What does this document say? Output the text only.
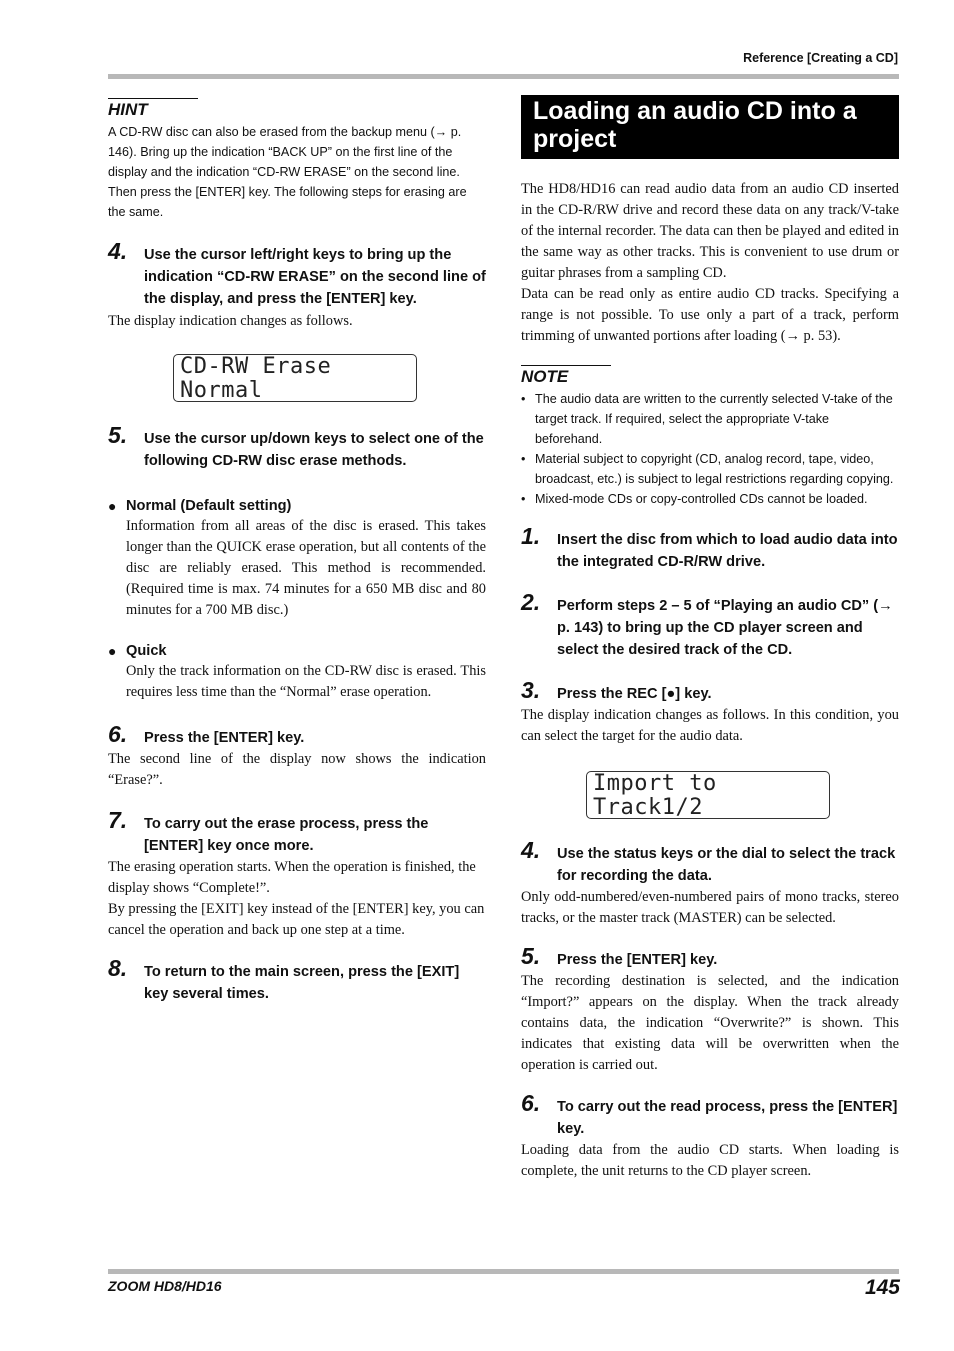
Reference [Creating a CD]
HINT
A CD-RW disc can also be erased from the backup menu (→ p. 146). Bring up the indication “BACK UP” on the first line of the display and the indication “CD-RW ERASE” on the second line. Then press the [ENTER] key. The following steps for erasing are the same.
4. Use the cursor left/right keys to bring up the indication “CD-RW ERASE” on the second line of the display, and press the [ENTER] key.
The display indication changes as follows.
CD-RW Erase
Normal
5. Use the cursor up/down keys to select one of the following CD-RW disc erase methods.
● Normal (Default setting)
Information from all areas of the disc is erased. This takes longer than the QUICK erase operation, but all contents of the disc are reliably erased. This method is recommended. (Required time is max. 74 minutes for a 650 MB disc and 80 minutes for a 700 MB disc.)
● Quick
Only the track information on the CD-RW disc is erased. This requires less time than the “Normal” erase operation.
6. Press the [ENTER] key.
The second line of the display now shows the indication “Erase?”.
7. To carry out the erase process, press the [ENTER] key once more.
The erasing operation starts. When the operation is finished, the display shows “Complete!”.
By pressing the [EXIT] key instead of the [ENTER] key, you can cancel the operation and back up one step at a time.
8. To return to the main screen, press the [EXIT] key several times.
Loading an audio CD into a project
The HD8/HD16 can read audio data from an audio CD inserted in the CD-R/RW drive and record these data on any track/V-take of the internal recorder. The data can then be played and edited in the same way as other tracks. This is convenient to use drum or guitar phrases from a sampling CD.
Data can be read only as entire audio CD tracks. Specifying a range is not possible. To use only a part of a track, perform trimming of unwanted portions after loading (→ p. 53).
NOTE
• The audio data are written to the currently selected V-take of the target track. If required, select the appropriate V-take beforehand.
• Material subject to copyright (CD, analog record, tape, video, broadcast, etc.) is subject to legal restrictions regarding copying.
• Mixed-mode CDs or copy-controlled CDs cannot be loaded.
1. Insert the disc from which to load audio data into the integrated CD-R/RW drive.
2. Perform steps 2 – 5 of “Playing an audio CD” (→ p. 143) to bring up the CD player screen and select the desired track of the CD.
3. Press the REC [●] key.
The display indication changes as follows. In this condition, you can select the target for the audio data.
Import to
Track1/2
4. Use the status keys or the dial to select the track for recording the data.
Only odd-numbered/even-numbered pairs of mono tracks, stereo tracks, or the master track (MASTER) can be selected.
5. Press the [ENTER] key.
The recording destination is selected, and the indication “Import?” appears on the display. When the track already contains data, the indication “Overwrite?” is shown. This indicates that existing data will be overwritten when the operation is carried out.
6. To carry out the read process, press the [ENTER] key.
Loading data from the audio CD starts. When loading is complete, the unit returns to the CD player screen.
ZOOM HD8/HD16	145
